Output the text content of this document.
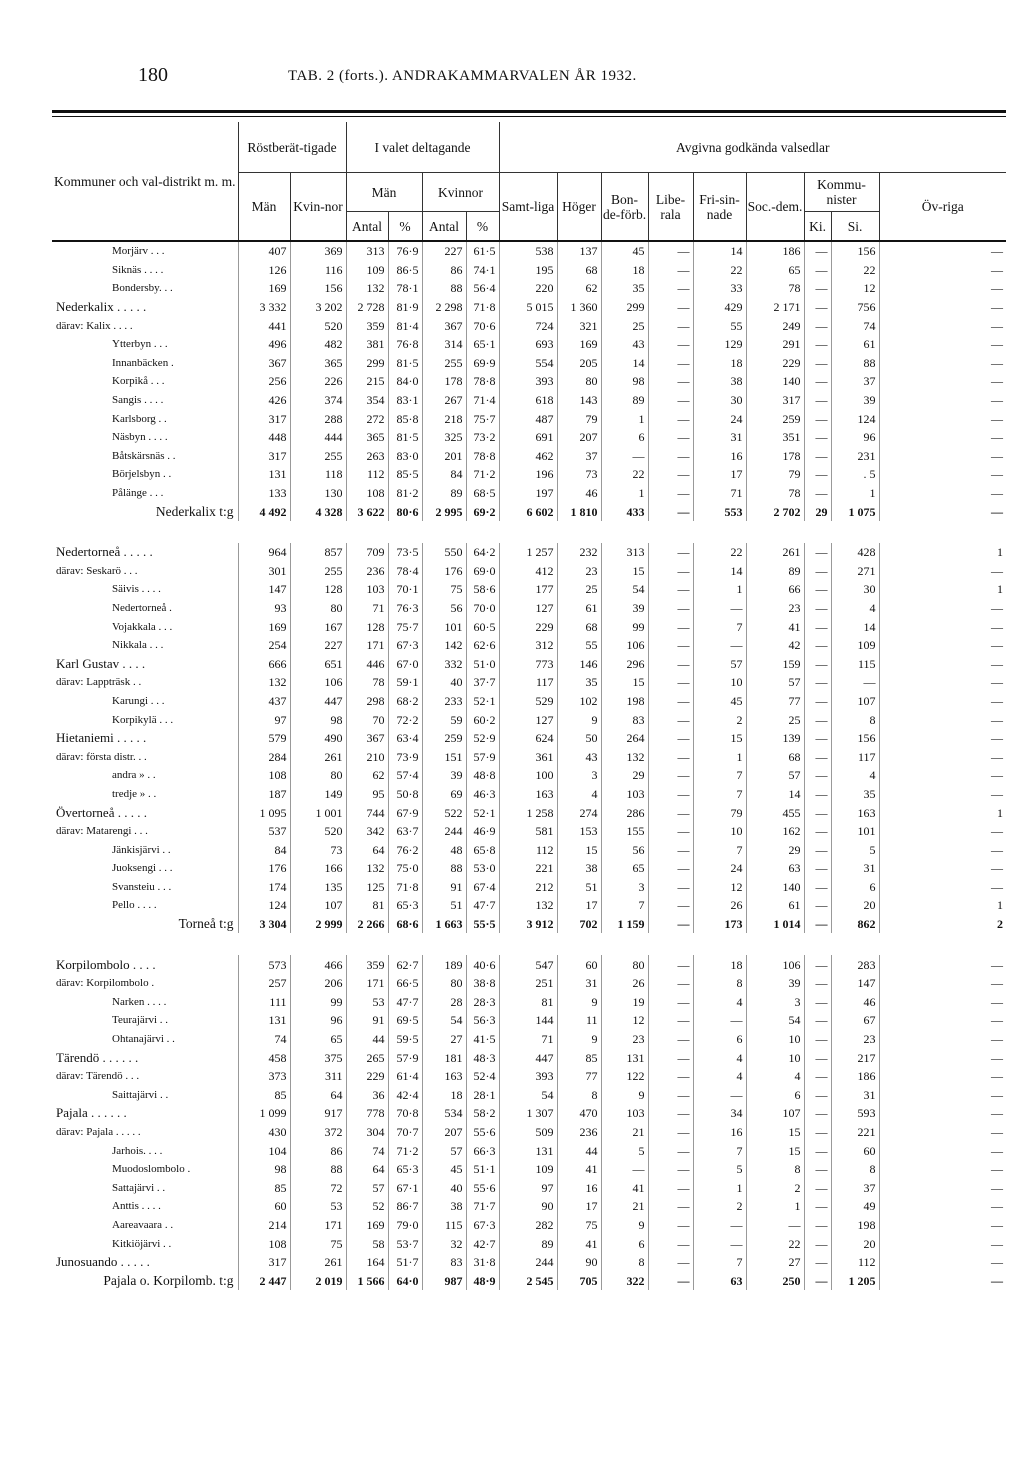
180	TAB. 2 (forts.). ANDRAKAMMARVALEN ÅR 1932.
Kommuner och val-distrikt m. m.	Röstberät-tigade		I valet deltagande				Avgivna godkända valsedlar								
	Män	Kvin-nor	Män		Kvinnor		Samt-liga	Höger	Bon-de-förb.	Libe-rala	Fri-sin-nade	Soc.-dem.	Kommu-nister		Öv-riga
			Antal	%	Antal	%							Ki.	Si.	
Morjärv . . .	407	369	313	76·9	227	61·5	538	137	45	—	14	186	—	156	—
Siknäs . . . .	126	116	109	86·5	86	74·1	195	68	18	—	22	65	—	22	—
Bondersby. . .	169	156	132	78·1	88	56·4	220	62	35	—	33	78	—	12	—
Nederkalix . . . . .	3 332	3 202	2 728	81·9	2 298	71·8	5 015	1 360	299	—	429	2 171	—	756	—
därav: Kalix . . . .	441	520	359	81·4	367	70·6	724	321	25	—	55	249	—	74	—
Ytterbyn . . .	496	482	381	76·8	314	65·1	693	169	43	—	129	291	—	61	—
Innanbäcken .	367	365	299	81·5	255	69·9	554	205	14	—	18	229	—	88	—
Korpikå . . .	256	226	215	84·0	178	78·8	393	80	98	—	38	140	—	37	—
Sangis . . . .	426	374	354	83·1	267	71·4	618	143	89	—	30	317	—	39	—
Karlsborg . .	317	288	272	85·8	218	75·7	487	79	1	—	24	259	—	124	—
Näsbyn . . . .	448	444	365	81·5	325	73·2	691	207	6	—	31	351	—	96	—
Båtskärsnäs . .	317	255	263	83·0	201	78·8	462	37	—	—	16	178	—	231	—
Börjelsbyn . .	131	118	112	85·5	84	71·2	196	73	22	—	17	79	—	. 5	—
Pålänge . . .	133	130	108	81·2	89	68·5	197	46	1	—	71	78	—	1	—
Nederkalix t:g	4 492	4 328	3 622	80·6	2 995	69·2	6 602	1 810	433	—	553	2 702	29	1 075	—

Nedertorneå . . . . .	964	857	709	73·5	550	64·2	1 257	232	313	—	22	261	—	428	1
därav: Seskarö . . .	301	255	236	78·4	176	69·0	412	23	15	—	14	89	—	271	—
Säivis . . . .	147	128	103	70·1	75	58·6	177	25	54	—	1	66	—	30	1
Nedertorneå .	93	80	71	76·3	56	70·0	127	61	39	—	—	23	—	4	—
Vojakkala . . .	169	167	128	75·7	101	60·5	229	68	99	—	7	41	—	14	—
Nikkala . . .	254	227	171	67·3	142	62·6	312	55	106	—	—	42	—	109	—
Karl Gustav . . . .	666	651	446	67·0	332	51·0	773	146	296	—	57	159	—	115	—
därav: Lappträsk . .	132	106	78	59·1	40	37·7	117	35	15	—	10	57	—	—	—
Karungi . . .	437	447	298	68·2	233	52·1	529	102	198	—	45	77	—	107	—
Korpikylä . . .	97	98	70	72·2	59	60·2	127	9	83	—	2	25	—	8	—
Hietaniemi . . . . .	579	490	367	63·4	259	52·9	624	50	264	—	15	139	—	156	—
därav: första distr. . .	284	261	210	73·9	151	57·9	361	43	132	—	1	68	—	117	—
andra » . .	108	80	62	57·4	39	48·8	100	3	29	—	7	57	—	4	—
tredje » . .	187	149	95	50·8	69	46·3	163	4	103	—	7	14	—	35	—
Övertorneå . . . . .	1 095	1 001	744	67·9	522	52·1	1 258	274	286	—	79	455	—	163	1
därav: Matarengi . . .	537	520	342	63·7	244	46·9	581	153	155	—	10	162	—	101	—
Jänkisjärvi . .	84	73	64	76·2	48	65·8	112	15	56	—	7	29	—	5	—
Juoksengi . . .	176	166	132	75·0	88	53·0	221	38	65	—	24	63	—	31	—
Svansteiu . . .	174	135	125	71·8	91	67·4	212	51	3	—	12	140	—	6	—
Pello . . . .	124	107	81	65·3	51	47·7	132	17	7	—	26	61	—	20	1
Torneå t:g	3 304	2 999	2 266	68·6	1 663	55·5	3 912	702	1 159	—	173	1 014	—	862	2

Korpilombolo . . . .	573	466	359	62·7	189	40·6	547	60	80	—	18	106	—	283	—
därav: Korpilombolo .	257	206	171	66·5	80	38·8	251	31	26	—	8	39	—	147	—
Narken . . . .	111	99	53	47·7	28	28·3	81	9	19	—	4	3	—	46	—
Teurajärvi . .	131	96	91	69·5	54	56·3	144	11	12	—	—	54	—	67	—
Ohtanajärvi . .	74	65	44	59·5	27	41·5	71	9	23	—	6	10	—	23	—
Tärendö . . . . . .	458	375	265	57·9	181	48·3	447	85	131	—	4	10	—	217	—
därav: Tärendö . . .	373	311	229	61·4	163	52·4	393	77	122	—	4	4	—	186	—
Saittajärvi . .	85	64	36	42·4	18	28·1	54	8	9	—	—	6	—	31	—
Pajala . . . . . .	1 099	917	778	70·8	534	58·2	1 307	470	103	—	34	107	—	593	—
därav: Pajala . . . . .	430	372	304	70·7	207	55·6	509	236	21	—	16	15	—	221	—
Jarhois. . . .	104	86	74	71·2	57	66·3	131	44	5	—	7	15	—	60	—
Muodoslombolo .	98	88	64	65·3	45	51·1	109	41	—	—	5	8	—	8	—
Sattajärvi . .	85	72	57	67·1	40	55·6	97	16	41	—	1	2	—	37	—
Anttis . . . .	60	53	52	86·7	38	71·7	90	17	21	—	2	1	—	49	—
Aareavaara . .	214	171	169	79·0	115	67·3	282	75	9	—	—	—	—	198	—
Kitkiöjärvi . .	108	75	58	53·7	32	42·7	89	41	6	—	—	22	—	20	—
Junosuando . . . . .	317	261	164	51·7	83	31·8	244	90	8	—	7	27	—	112	—
Pajala o. Korpilomb. t:g	2 447	2 019	1 566	64·0	987	48·9	2 545	705	322	—	63	250	—	1 205	—
